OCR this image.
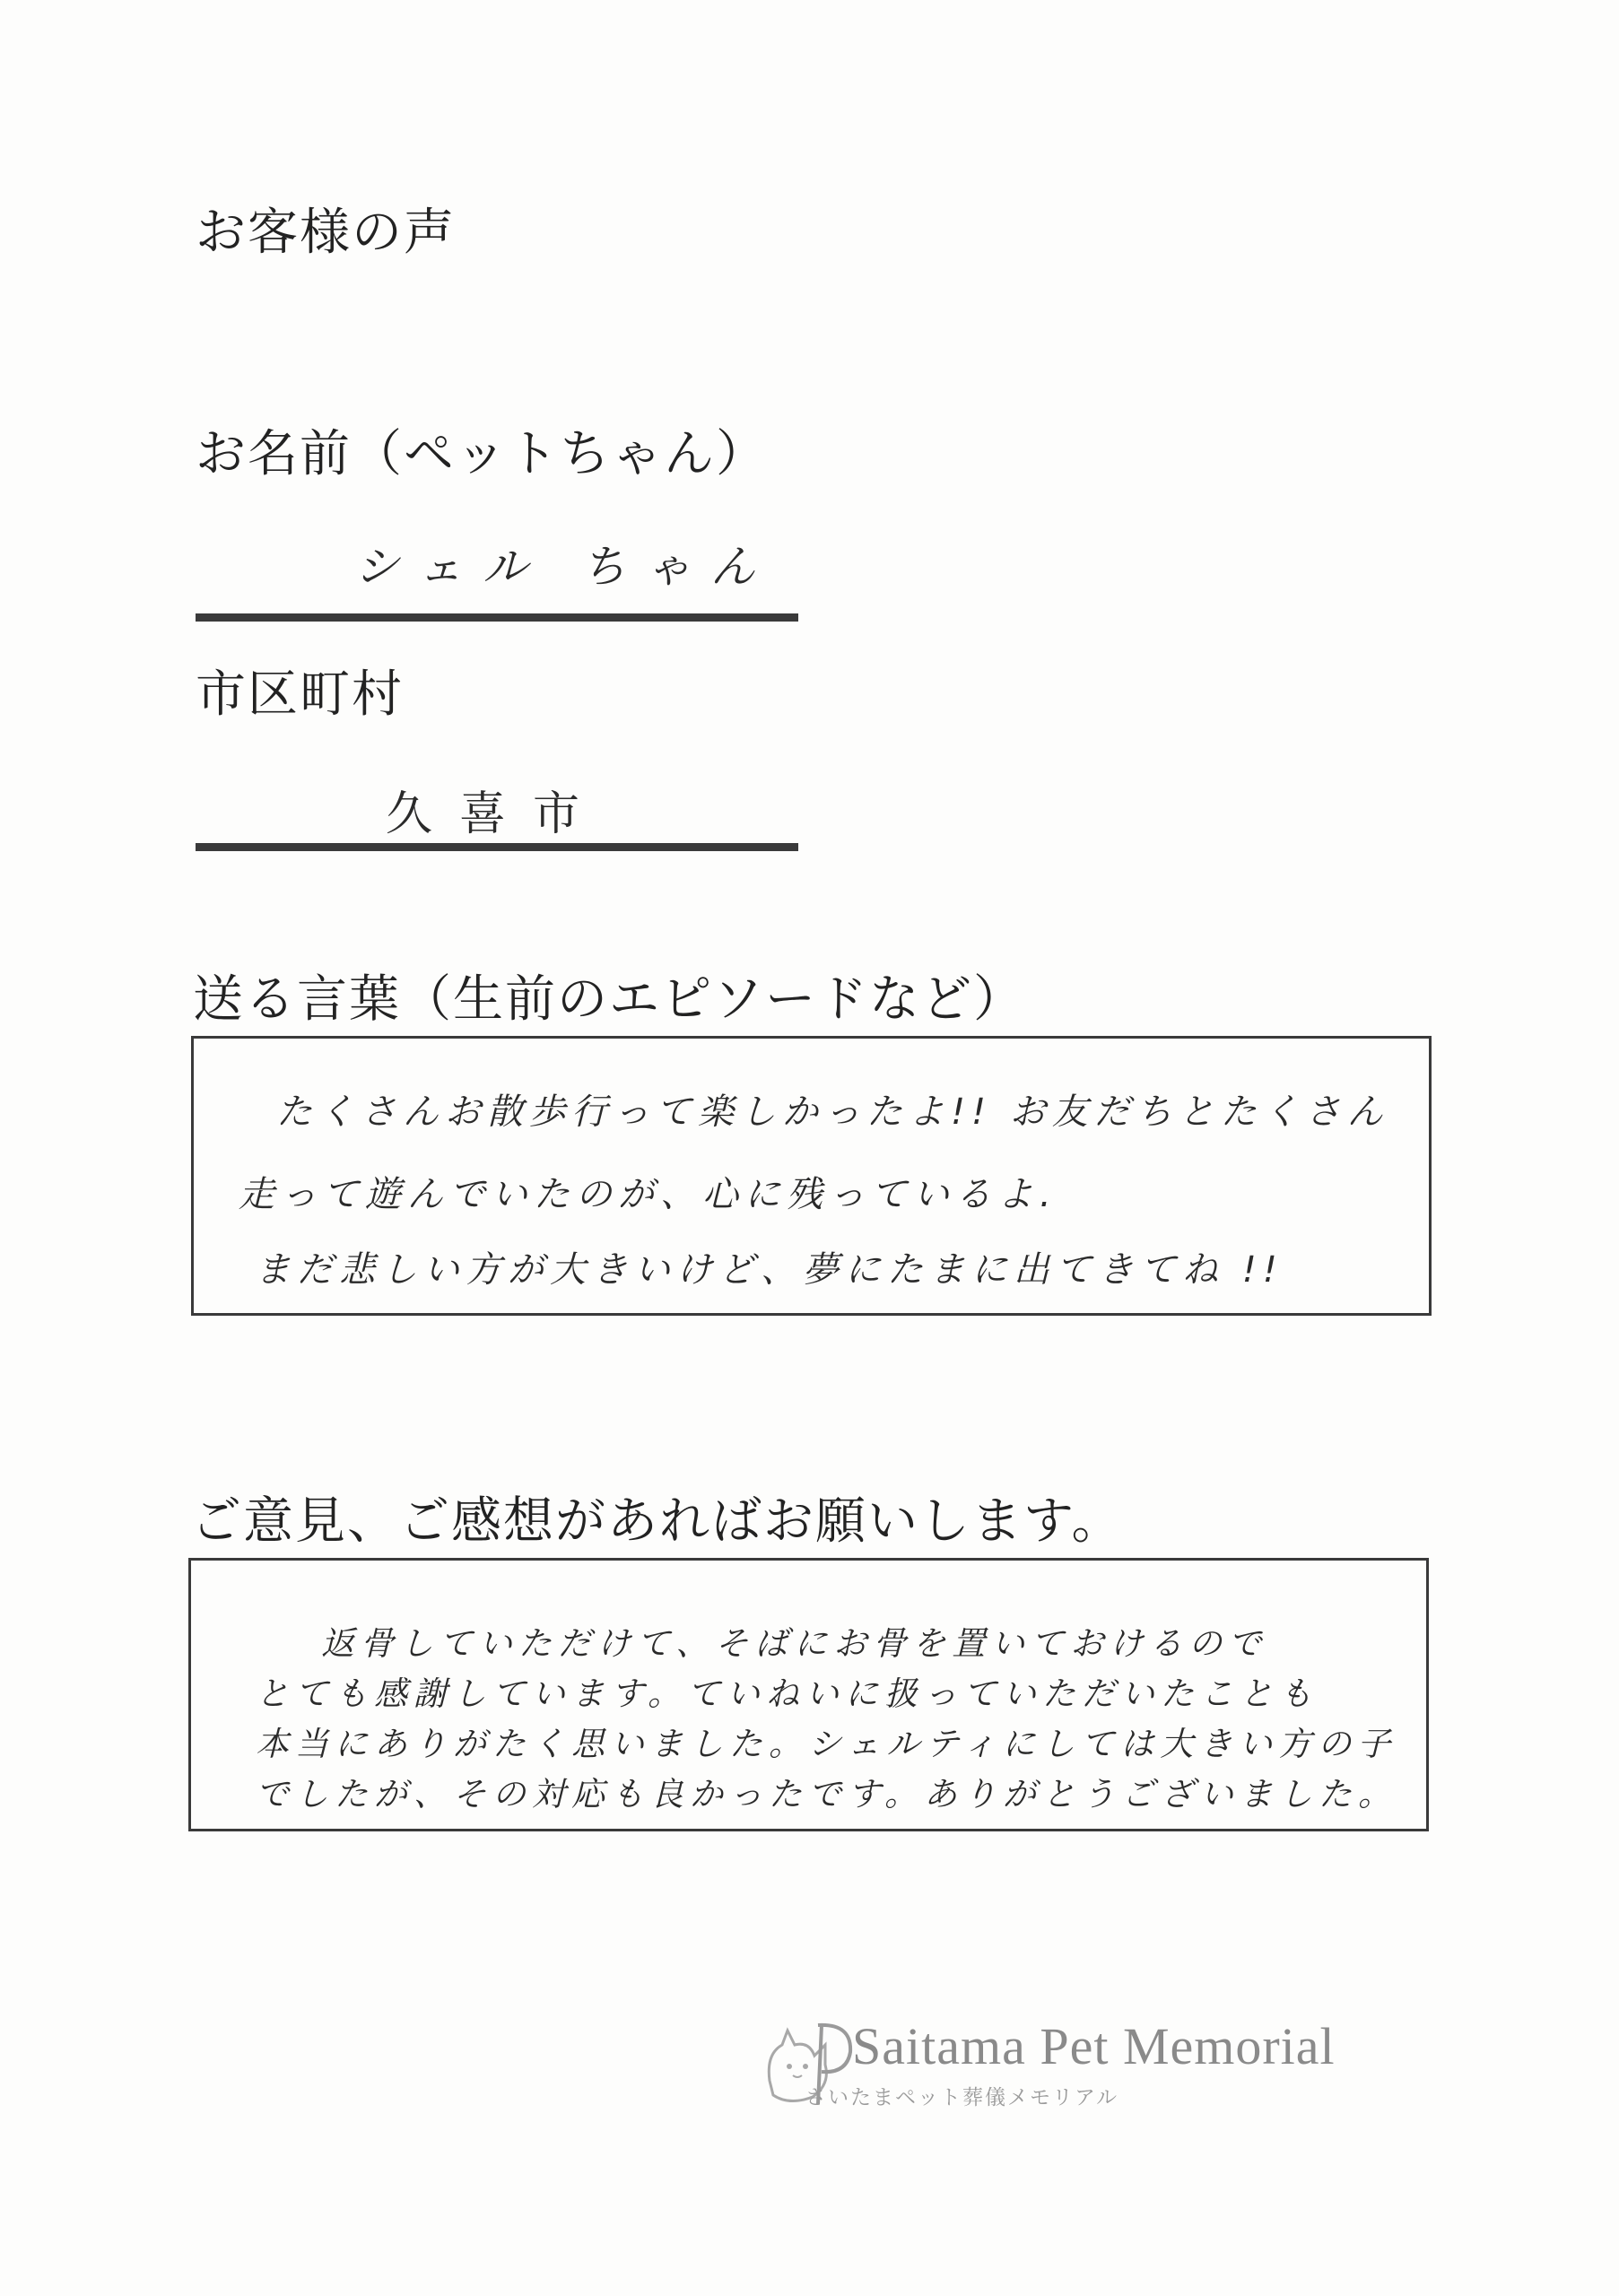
お客様の声
お名前（ペットちゃん）
シェル ちゃん
市区町村
久喜市
送る言葉（生前のエピソードなど）
たくさんお散歩行って楽しかったよ!! お友だちとたくさん
走って遊んでいたのが、心に残っているよ.
まだ悲しい方が大きいけど、夢にたまに出てきてね !!
ご意見、ご感想があればお願いします。
返骨していただけて、そばにお骨を置いておけるので
とても感謝しています。ていねいに扱っていただいたことも
本当にありがたく思いました。シェルティにしては大きい方の子
でしたが、その対応も良かったです。ありがとうございました。
Saitama Pet Memorial
さいたまペット葬儀メモリアル
